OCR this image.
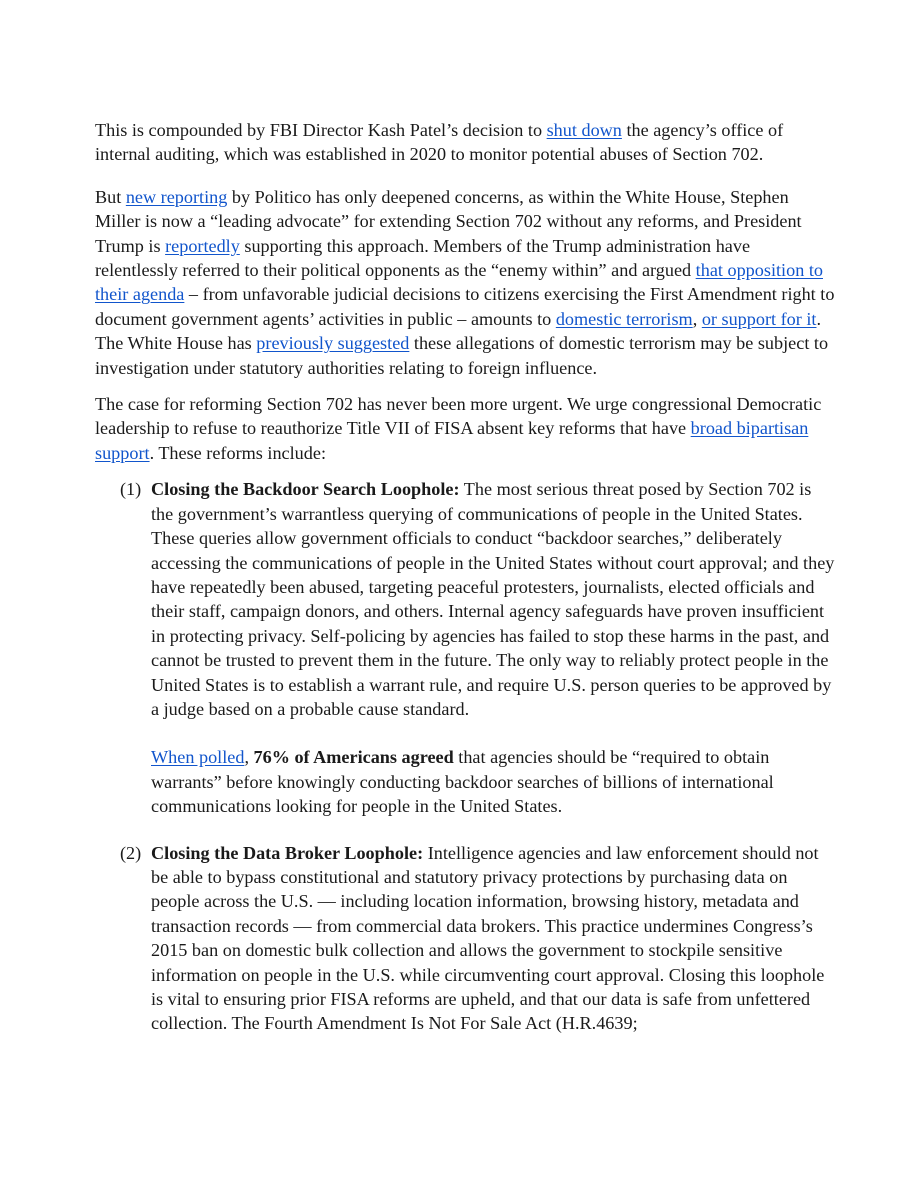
This is compounded by FBI Director Kash Patel’s decision to shut down the agency’s office of internal auditing, which was established in 2020 to monitor potential abuses of Section 702.

But new reporting by Politico has only deepened concerns, as within the White House, Stephen Miller is now a “leading advocate” for extending Section 702 without any reforms, and President Trump is reportedly supporting this approach. Members of the Trump administration have relentlessly referred to their political opponents as the “enemy within” and argued that opposition to their agenda – from unfavorable judicial decisions to citizens exercising the First Amendment right to document government agents’ activities in public – amounts to domestic terrorism, or support for it. The White House has previously suggested these allegations of domestic terrorism may be subject to investigation under statutory authorities relating to foreign influence.

The case for reforming Section 702 has never been more urgent. We urge congressional Democratic leadership to refuse to reauthorize Title VII of FISA absent key reforms that have broad bipartisan support. These reforms include:

(1) Closing the Backdoor Search Loophole: The most serious threat posed by Section 702 is the government’s warrantless querying of communications of people in the United States. These queries allow government officials to conduct “backdoor searches,” deliberately accessing the communications of people in the United States without court approval; and they have repeatedly been abused, targeting peaceful protesters, journalists, elected officials and their staff, campaign donors, and others. Internal agency safeguards have proven insufficient in protecting privacy. Self-policing by agencies has failed to stop these harms in the past, and cannot be trusted to prevent them in the future. The only way to reliably protect people in the United States is to establish a warrant rule, and require U.S. person queries to be approved by a judge based on a probable cause standard.

When polled, 76% of Americans agreed that agencies should be “required to obtain warrants” before knowingly conducting backdoor searches of billions of international communications looking for people in the United States.

(2) Closing the Data Broker Loophole: Intelligence agencies and law enforcement should not be able to bypass constitutional and statutory privacy protections by purchasing data on people across the U.S. — including location information, browsing history, metadata and transaction records — from commercial data brokers. This practice undermines Congress’s 2015 ban on domestic bulk collection and allows the government to stockpile sensitive information on people in the U.S. while circumventing court approval. Closing this loophole is vital to ensuring prior FISA reforms are upheld, and that our data is safe from unfettered collection. The Fourth Amendment Is Not For Sale Act (H.R.4639;
